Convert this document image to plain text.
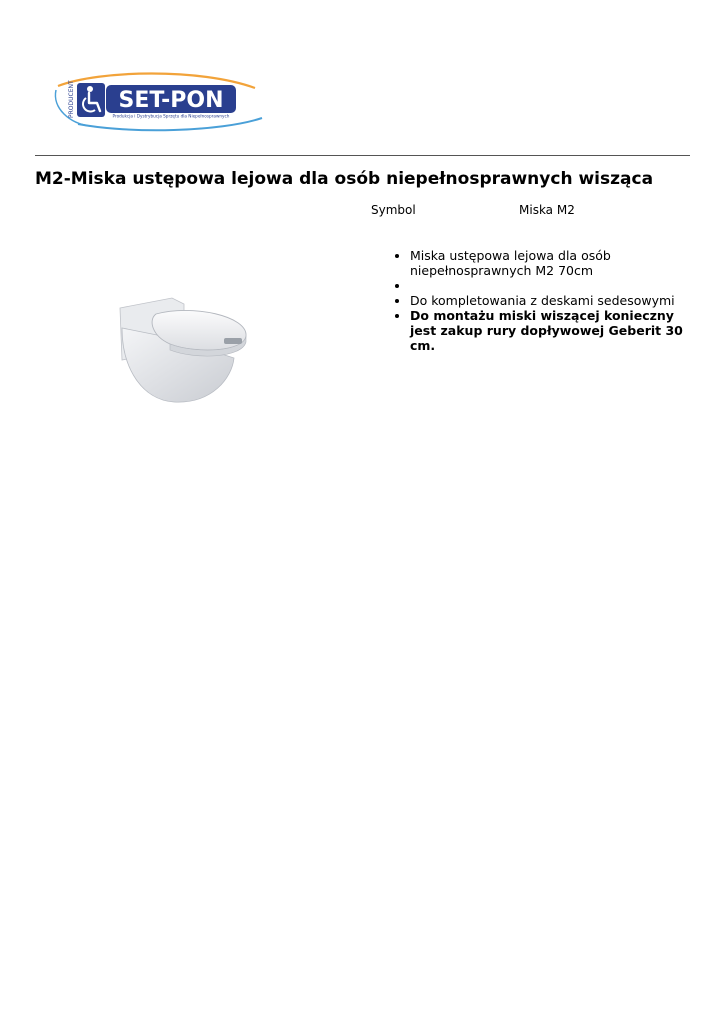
PRODUCENT SET-PON
Produkcja i Dystrybucja Sprzętu dla Niepełnosprawnych
M2-Miska ustępowa lejowa dla osób niepełnosprawnych wisząca
Symbol	Miska M2
• Miska ustępowa lejowa dla osób niepełnosprawnych M2 70cm
•
• Do kompletowania z deskami sedesowymi
• Do montażu miski wiszącej konieczny jest zakup rury dopływowej Geberit 30 cm.
